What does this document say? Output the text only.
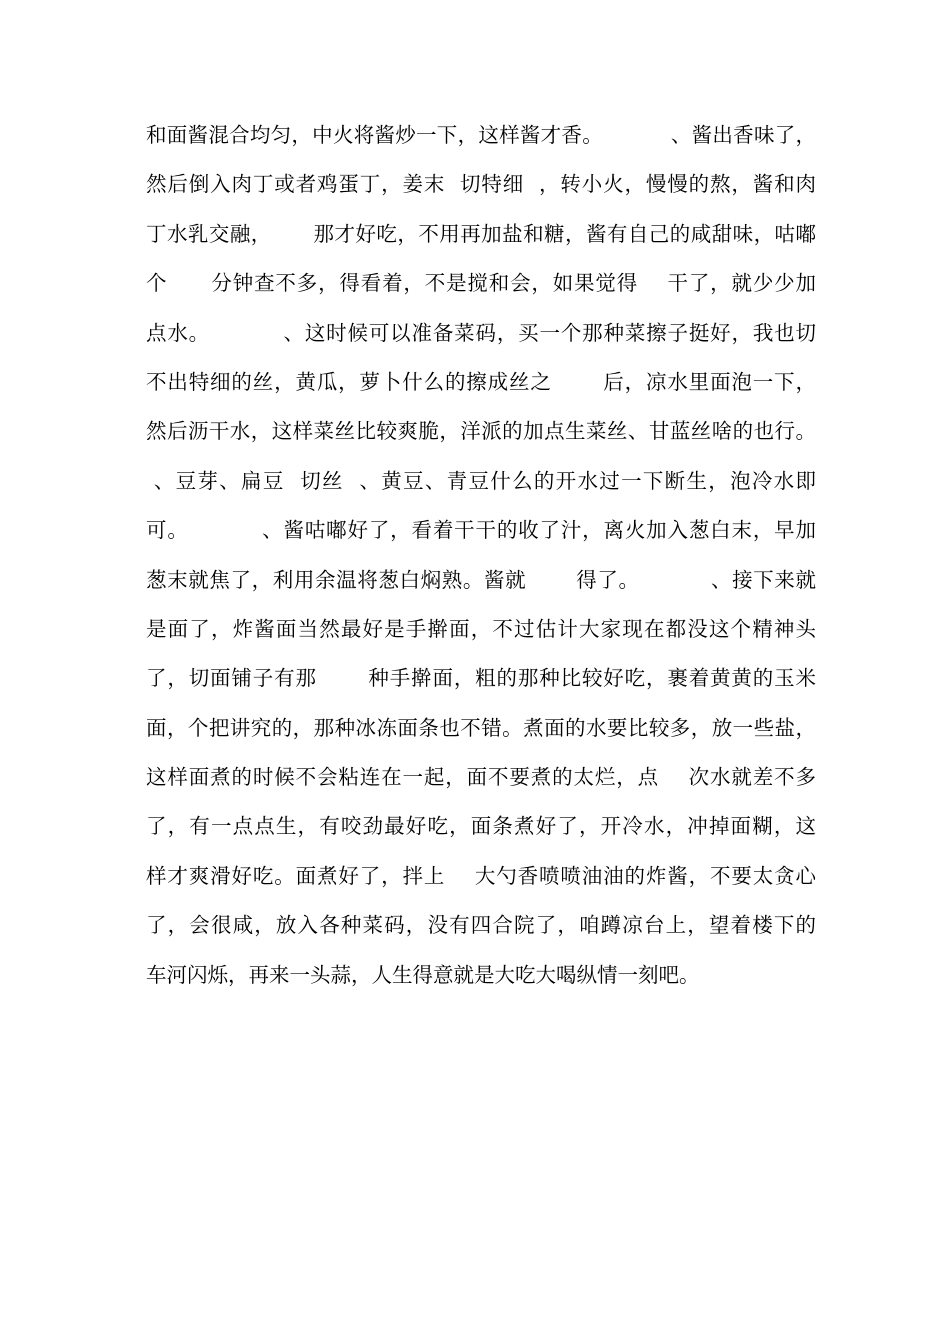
和面酱混合均匀，中火将酱炒一下，这样酱才香。          、酱出香味了，
然后倒入肉丁或者鸡蛋丁，姜末  切特细  ，转小火，慢慢的熬，酱和肉
丁水乳交融，      那才好吃，不用再加盐和糖，酱有自己的咸甜味，咕嘟
个      分钟查不多，得看着，不是搅和会，如果觉得    干了，就少少加
点水。          、这时候可以准备菜码，买一个那种菜擦子挺好，我也切
不出特细的丝，黄瓜，萝卜什么的擦成丝之       后，凉水里面泡一下，
然后沥干水，这样菜丝比较爽脆，洋派的加点生菜丝、甘蓝丝啥的也行。
、豆芽、扁豆  切丝  、黄豆、青豆什么的开水过一下断生，泡冷水即
可。          、酱咕嘟好了，看着干干的收了汁，离火加入葱白末，早加
葱末就焦了，利用余温将葱白焖熟。酱就       得了。          、接下来就
是面了，炸酱面当然最好是手擀面，不过估计大家现在都没这个精神头
了，切面铺子有那       种手擀面，粗的那种比较好吃，裹着黄黄的玉米
面，个把讲究的，那种冰冻面条也不错。煮面的水要比较多，放一些盐，
这样面煮的时候不会粘连在一起，面不要煮的太烂，点    次水就差不多
了，有一点点生，有咬劲最好吃，面条煮好了，开冷水，冲掉面糊，这
样才爽滑好吃。面煮好了，拌上    大勺香喷喷油油的炸酱，不要太贪心
了，会很咸，放入各种菜码，没有四合院了，咱蹲凉台上，望着楼下的
车河闪烁，再来一头蒜，人生得意就是大吃大喝纵情一刻吧。
